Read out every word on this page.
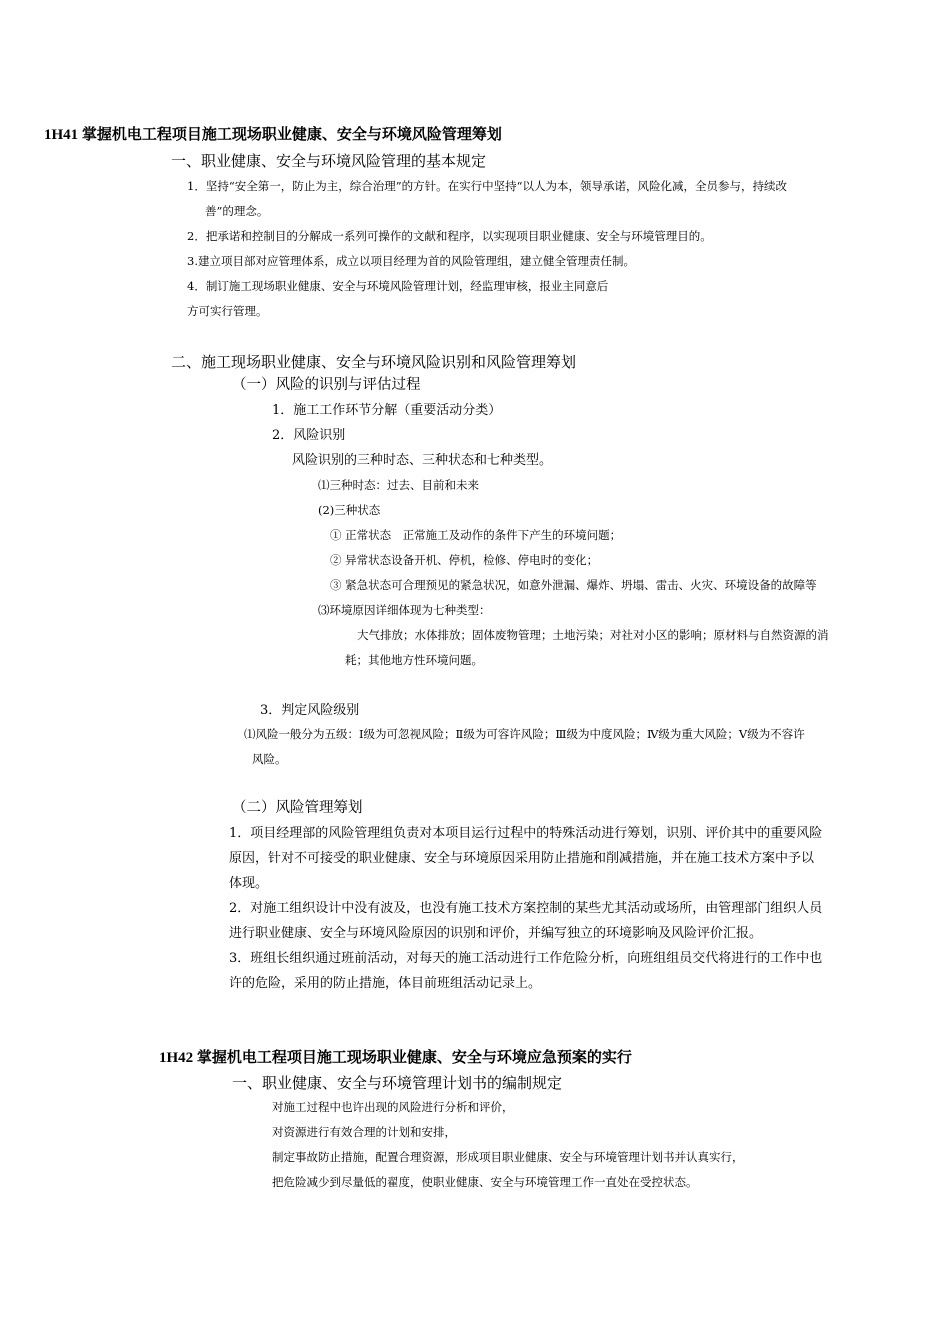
1H41 掌握机电工程项目施工现场职业健康、安全与环境风险管理筹划
一、职业健康、安全与环境风险管理的基本规定
1．坚持“安全第一，防止为主，综合治理”的方针。在实行中坚持“以人为本，领导承诺，风险化减，全员参与，持续改
善”的理念。
2．把承诺和控制目的分解成一系列可操作的文献和程序，以实现项目职业健康、安全与环境管理目的。
3.建立项目部对应管理体系，成立以项目经理为首的风险管理组，建立健全管理责任制。
4．制订施工现场职业健康、安全与环境风险管理计划，经监理审核，报业主同意后
方可实行管理。
二、施工现场职业健康、安全与环境风险识别和风险管理筹划
（一）风险的识别与评估过程
1．施工工作环节分解（重要活动分类）
2．风险识别
风险识别的三种时态、三种状态和七种类型。
⑴三种时态：过去、目前和未来
(2)三种状态
① 正常状态　正常施工及动作的条件下产生的环境问题；
② 异常状态设备开机、停机，检修、停电时的变化；
③ 紧急状态可合理预见的紧急状况，如意外泄漏、爆炸、坍塌、雷击、火灾、环境设备的故障等
⑶环境原因详细体现为七种类型：
大气排放；水体排放；固体废物管理；土地污染；对社对小区的影响；原材料与自然资源的消
耗；其他地方性环境问题。
3．判定风险级别
⑴风险一般分为五级：Ⅰ级为可忽视风险；Ⅱ级为可容许风险；Ⅲ级为中度风险；Ⅳ级为重大风险；Ⅴ级为不容许
风险。
（二）风险管理筹划
1．项目经理部的风险管理组负责对本项目运行过程中的特殊活动进行筹划，识别、评价其中的重要风险
原因，针对不可接受的职业健康、安全与环境原因采用防止措施和削减措施，并在施工技术方案中予以
体现。
2．对施工组织设计中没有波及，也没有施工技术方案控制的某些尤其活动或场所，由管理部门组织人员
进行职业健康、安全与环境风险原因的识别和评价，并编写独立的环境影响及风险评价汇报。
3．班组长组织通过班前活动，对每天的施工活动进行工作危险分析，向班组组员交代将进行的工作中也
许的危险，采用的防止措施，体目前班组活动记录上。
1H42 掌握机电工程项目施工现场职业健康、安全与环境应急预案的实行
一、职业健康、安全与环境管理计划书的编制规定
对施工过程中也许出现的风险进行分析和评价，
对资源进行有效合理的计划和安排，
制定事故防止措施，配置合理资源，形成项目职业健康、安全与环境管理计划书并认真实行，
把危险减少到尽量低的翟度，使职业健康、安全与环境管理工作一直处在受控状态。
